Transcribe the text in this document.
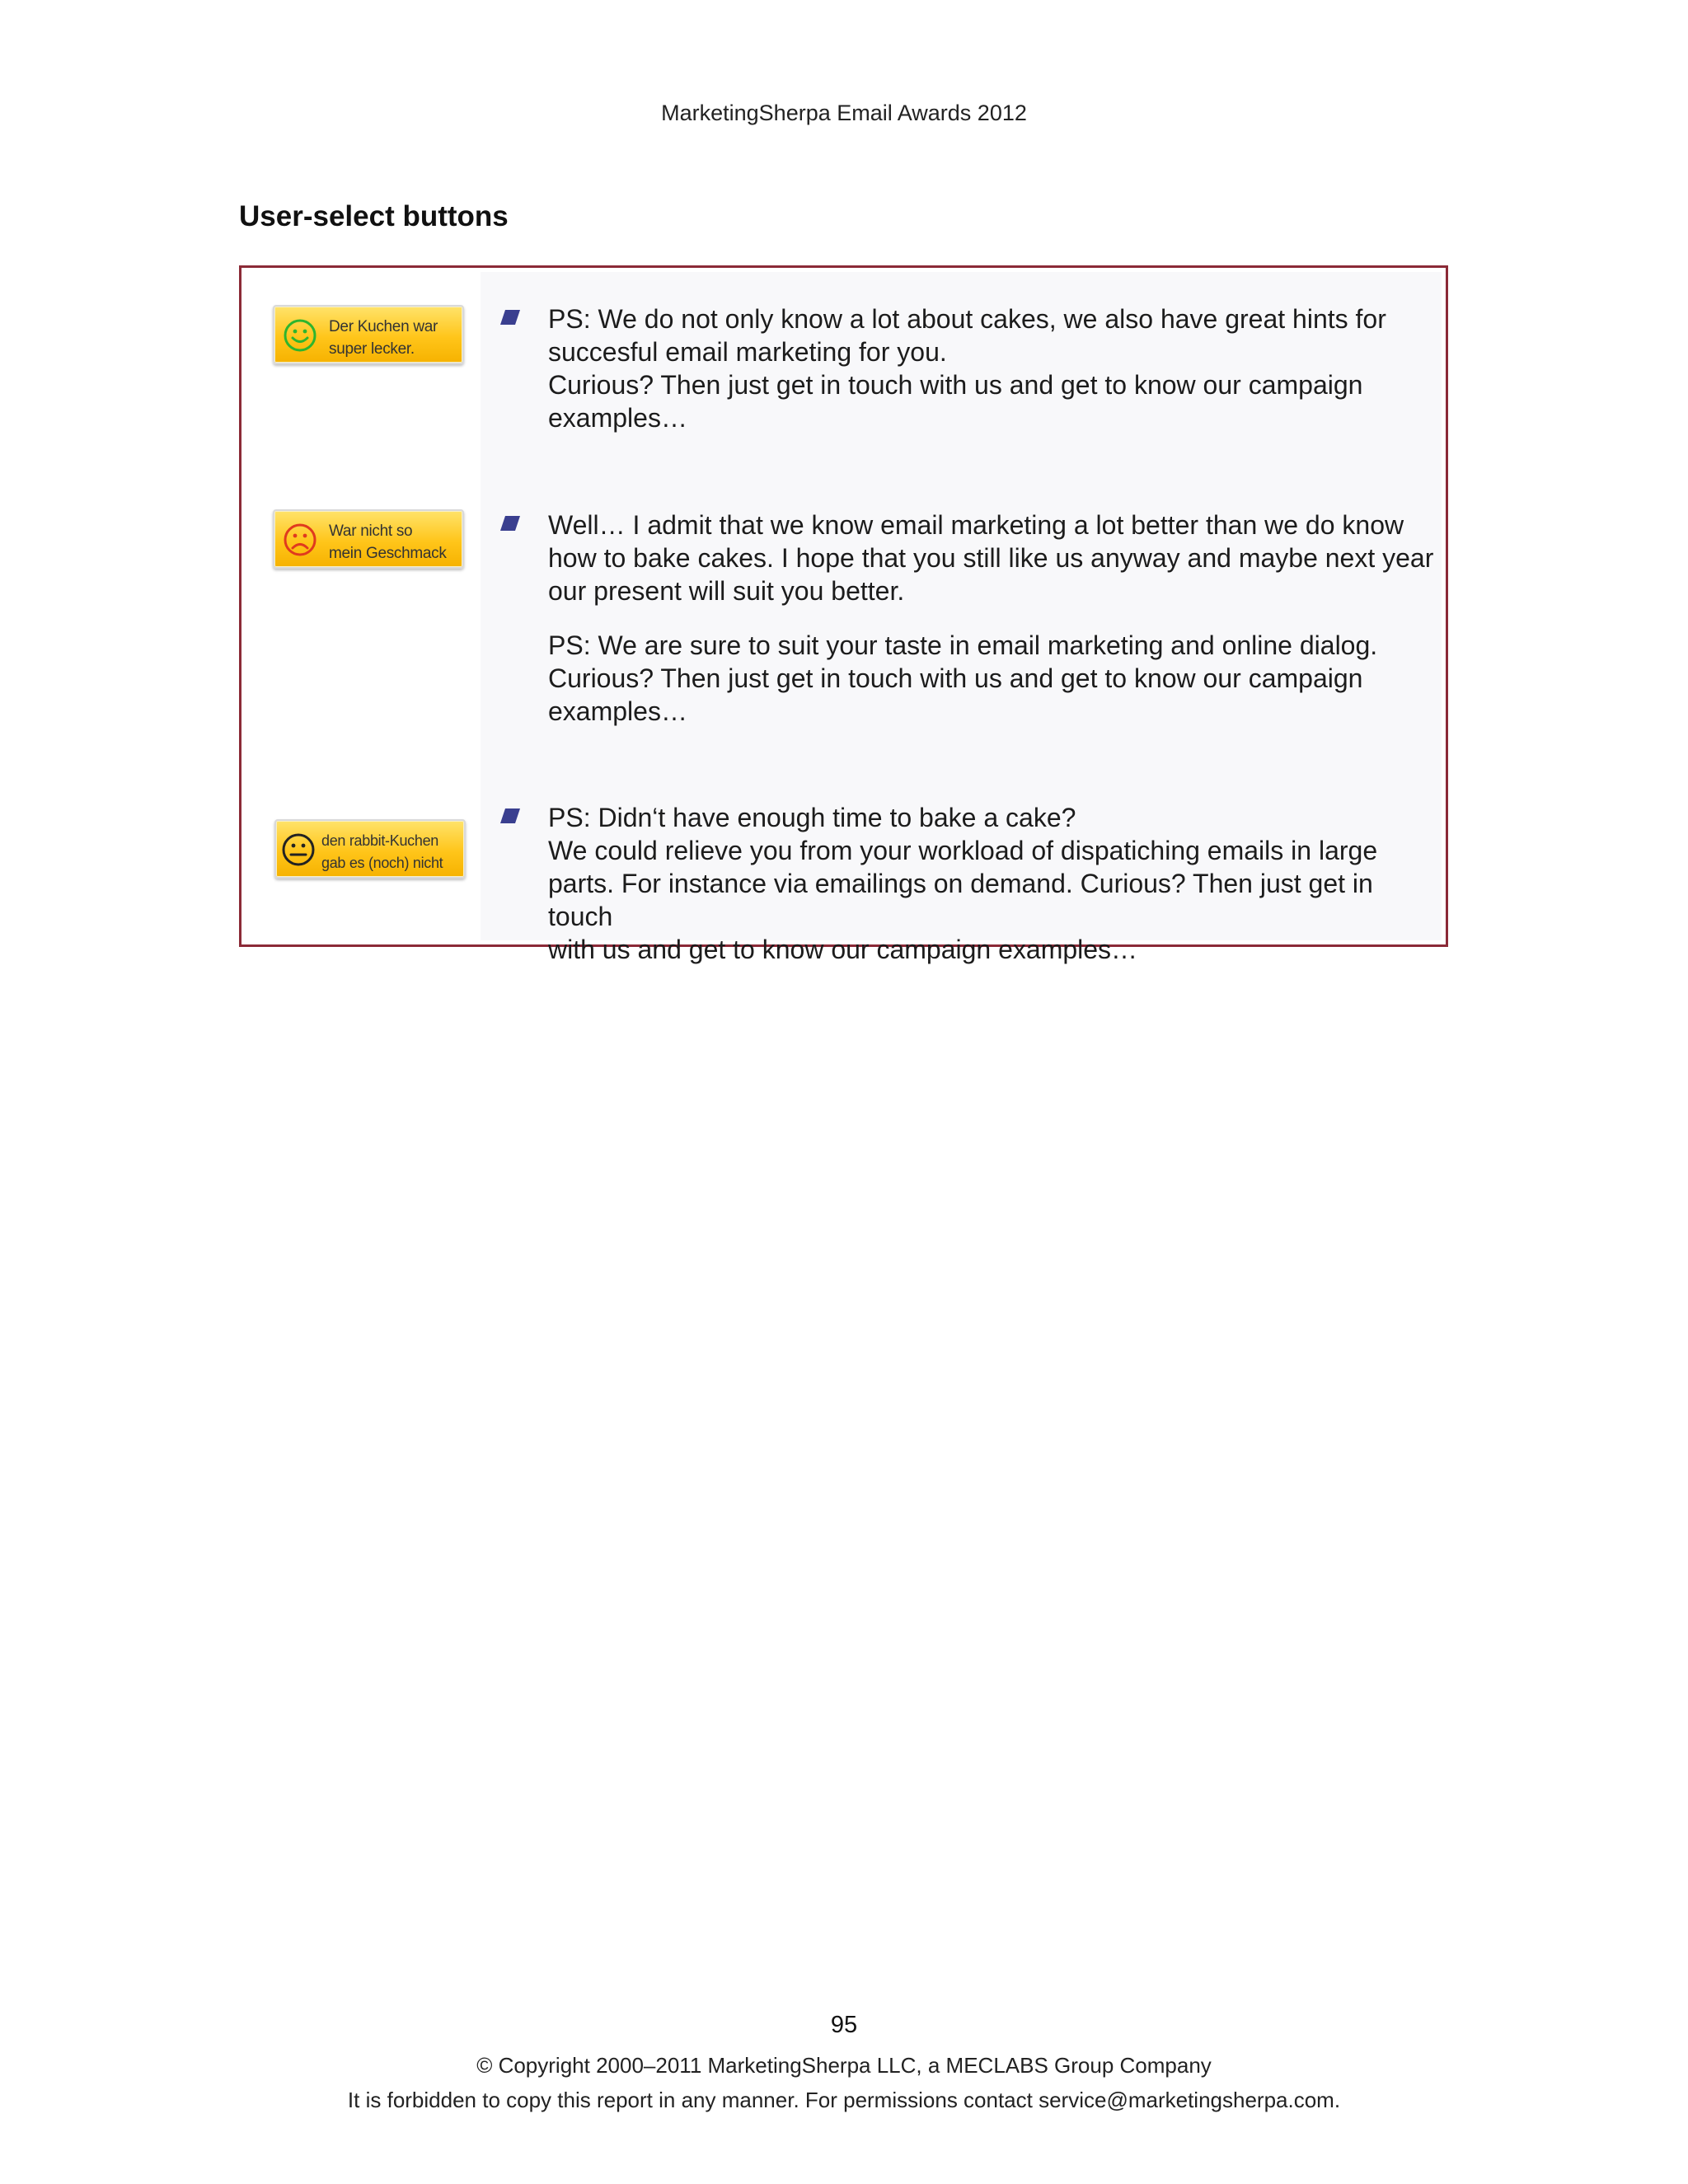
MarketingSherpa Email Awards 2012
User-select buttons
Der Kuchen war
super lecker.
War nicht so
mein Geschmack
den rabbit-Kuchen
gab es (noch) nicht

PS: We do not only know a lot about cakes, we also have great hints for

succesful email marketing for you.

Curious? Then just get in touch with us and get to know our campaign

examples…

Well… I admit that we know email marketing a lot better than we do know

how to bake cakes. I hope that you still like us anyway and maybe next year

our present will suit you better.

PS: We are sure to suit your taste in email marketing and online dialog.

Curious? Then just get in touch with us and get to know our campaign

examples…

PS: Didn‘t have enough time to bake a cake?

We could relieve you from your workload of dispatiching emails in large

parts. For instance via emailings on demand. Curious? Then just get in touch

with us and get to know our campaign examples…

95
© Copyright 2000–2011 MarketingSherpa LLC, a MECLABS Group Company
It is forbidden to copy this report in any manner. For permissions contact service@marketingsherpa.com.
